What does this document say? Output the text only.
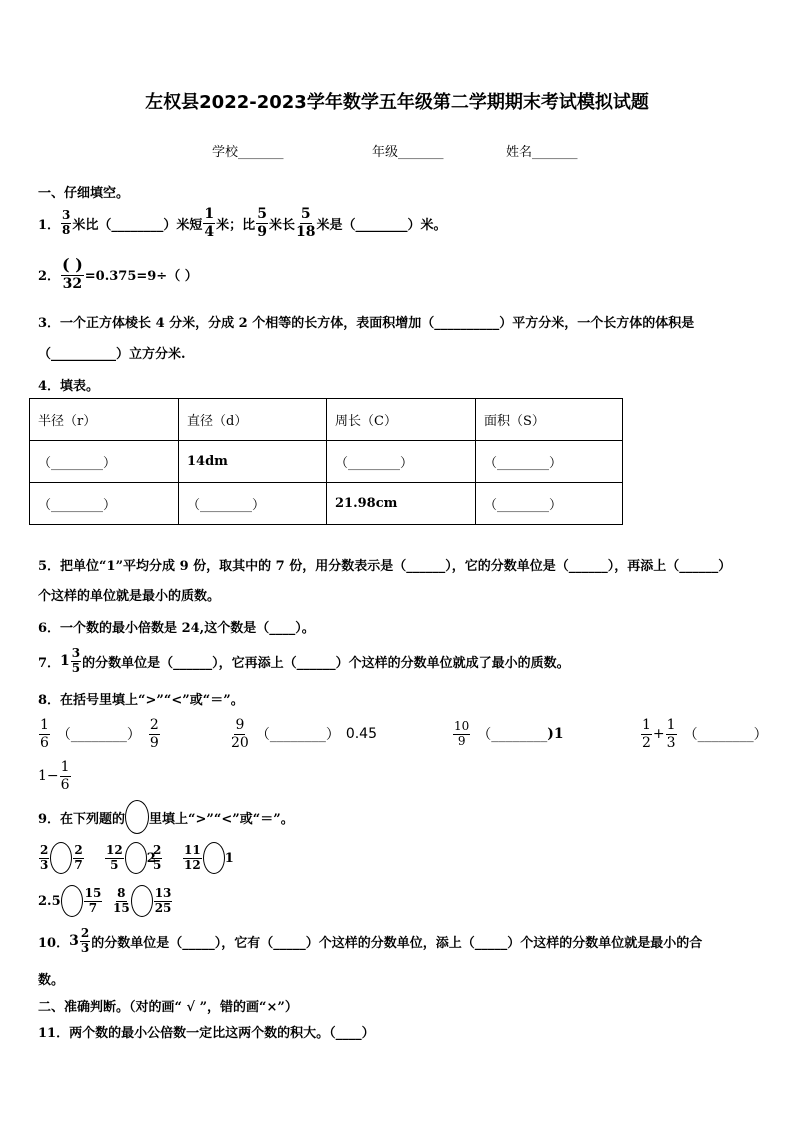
左权县2022-2023学年数学五年级第二学期期末考试模拟试题
学校_______	年级_______	姓名_______
一、仔细填空。
1． $\frac{3}{8}$ 米比（________）米短 $\frac{1}{4}$ 米；比 $\frac{5}{9}$ 米长 $\frac{5}{18}$ 米是（________）米。
2． $\frac{( )}{32} =0.375=9\div$（ ）
3．一个正方体棱长 4 分米，分成 2 个相等的长方体，表面积增加（__________）平方分米，一个长方体的体积是
（__________）立方分米.
4．填表。
半径（r）	直径（d）	周长（C）	面积（S）
（________）	14dm	（________）	（________）
（________）	（________）	21.98cm	（________）
5．把单位“1”平均分成 9 份，取其中的 7 份，用分数表示是（______），它的分数单位是（______），再添上（______）
个这样的单位就是最小的质数。
6．一个数的最小倍数是 24,这个数是（____）。
7． $1 \frac{3}{5}$ 的分数单位是（______），它再添上（______）个这样的分数单位就成了最小的质数。
8．在括号里填上“>”“<”或“＝”。
$\frac{1}{6}$ （________） $\frac{2}{9}$	$\frac{9}{20}$ （________） 0.45	$\frac{10}{9}$ （________ )1	$\frac{1}{2} + \frac{1}{3}$ （________）
$1- \frac{1}{6}$
9．在下列题的 里填上“>”“<”或“＝”。
$\frac{2}{3} \frac{2}{7} \frac{12}{5} 2$
$\frac{2}{5} \frac{11}{12} 1$
$2.5 \frac{15}{7} \frac{8}{15} \frac{13}{25}$
10． $3 \frac{2}{3}$ 的分数单位是（_____），它有（_____）个这样的分数单位，添上（_____）个这样的分数单位就是最小的合
数。
二、准确判断。（对的画“ √ ”，错的画“×”）
11．两个数的最小公倍数一定比这两个数的积大。（____）
